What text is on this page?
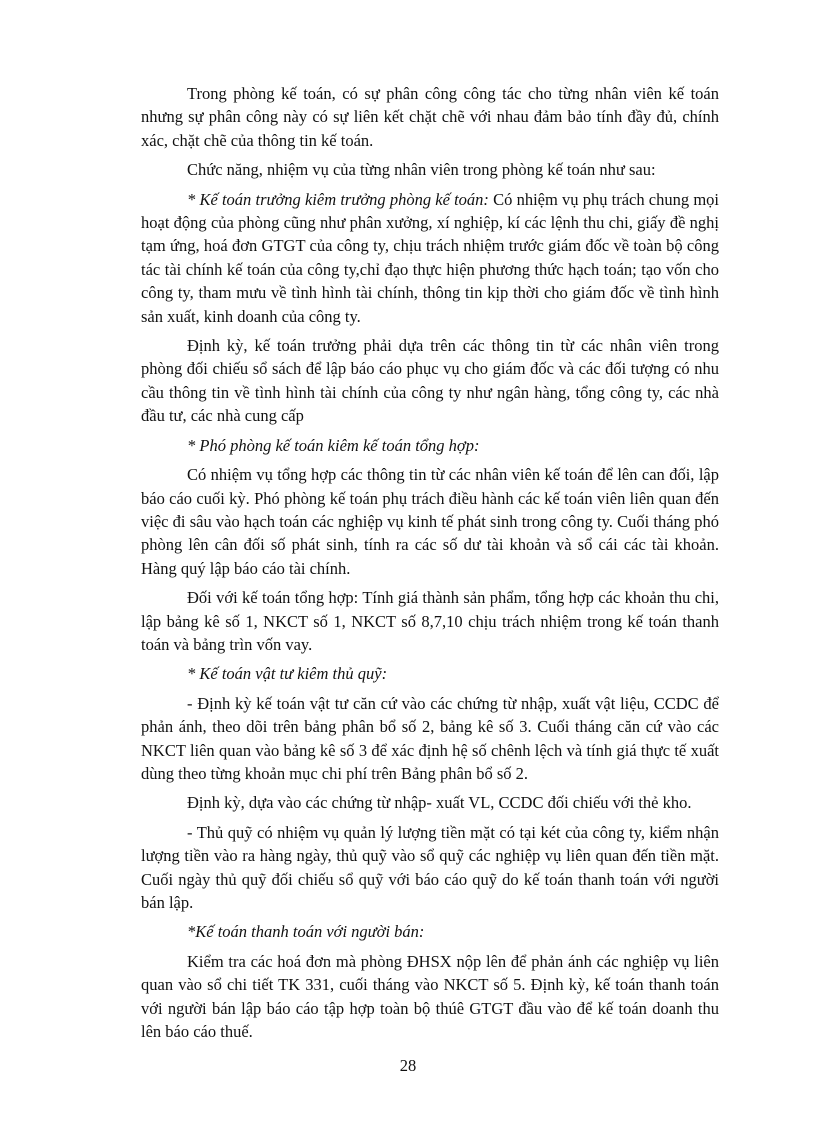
Trong phòng kế toán, có sự phân công công tác cho từng nhân viên kế toán nhưng sự phân công này có sự liên kết chặt chẽ với nhau đảm bảo tính đầy đủ, chính xác, chặt chẽ của thông tin kế toán.

Chức năng, nhiệm vụ của từng nhân viên trong phòng kế toán như sau:

* Kế toán trưởng kiêm trưởng phòng kế toán: Có nhiệm vụ phụ trách chung mọi hoạt động của phòng cũng như phân xưởng, xí nghiệp, kí các lệnh thu chi, giấy đề nghị tạm ứng, hoá đơn GTGT của công ty, chịu trách nhiệm trước giám đốc về toàn bộ công tác tài chính kế toán của công ty,chỉ đạo thực hiện phương thức hạch toán; tạo vốn cho công ty, tham mưu về tình hình tài chính, thông tin kịp thời cho giám đốc về tình hình sản xuất, kinh doanh của công ty.

Định kỳ, kế toán trưởng phải dựa trên các thông tin từ các nhân viên trong phòng đối chiếu sổ sách để lập báo cáo phục vụ cho giám đốc và các đối tượng có nhu cầu thông tin về tình hình tài chính của công ty như ngân hàng, tổng công ty, các nhà đầu tư, các nhà cung cấp

* Phó phòng kế toán kiêm kế toán tổng hợp:

Có nhiệm vụ tổng hợp các thông tin từ các nhân viên kế toán để lên can đối, lập báo cáo cuối kỳ. Phó phòng kế toán phụ trách điều hành các kế toán viên liên quan đến việc đi sâu vào hạch toán các nghiệp vụ kinh tế phát sinh trong công ty. Cuối tháng phó phòng lên cân đối số phát sinh, tính ra các số dư tài khoản và sổ cái các tài khoản. Hàng quý lập báo cáo tài chính.

Đối với kế toán tổng hợp: Tính giá thành sản phẩm, tổng hợp các khoản thu chi, lập bảng kê số 1, NKCT số 1, NKCT số 8,7,10 chịu trách nhiệm trong kế toán thanh toán và bảng trìn vốn vay.

* Kế toán vật tư kiêm thủ quỹ:

- Định kỳ kế toán vật tư căn cứ vào các chứng từ nhập, xuất vật liệu, CCDC để phản ánh, theo dõi trên bảng phân bổ số 2, bảng kê số 3. Cuối tháng căn cứ vào các NKCT liên quan vào bảng kê số 3 để xác định hệ số chênh lệch và tính giá thực tế xuất dùng theo từng khoản mục chi phí trên Bảng phân bổ số 2.

Định kỳ, dựa vào các chứng từ nhập- xuất VL, CCDC đối chiếu với thẻ kho.

- Thủ quỹ có nhiệm vụ quản lý lượng tiền mặt có tại két của công ty, kiểm nhận lượng tiền vào ra hàng ngày, thủ quỹ vào sổ quỹ các nghiệp vụ liên quan đến tiền mặt. Cuối ngày thủ quỹ đối chiếu sổ quỹ với báo cáo quỹ do kế toán thanh toán với người bán lập.

*Kế toán thanh toán với người bán:

Kiểm tra các hoá đơn mà phòng ĐHSX nộp lên để phản ánh các nghiệp vụ liên quan vào sổ chi tiết TK 331, cuối tháng vào NKCT số 5. Định kỳ, kế toán thanh toán với người bán lập báo cáo tập hợp toàn bộ thúê GTGT đầu vào để kế toán doanh thu lên báo cáo thuế.

28
